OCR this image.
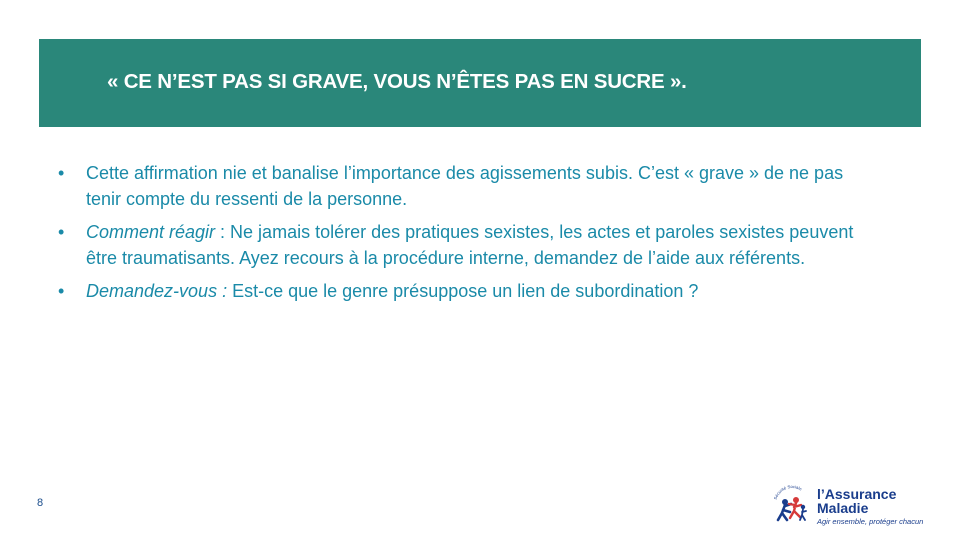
« CE N’EST PAS SI GRAVE, VOUS N’ÊTES PAS EN SUCRE ».
• Cette affirmation nie et banalise l’importance des agissements subis. C’est « grave » de ne pas tenir compte du ressenti de la personne.
• Comment réagir : Ne jamais tolérer des pratiques sexistes, les actes et paroles sexistes peuvent être traumatisants. Ayez recours à la procédure interne, demandez de l’aide aux référents.
• Demandez-vous : Est-ce que le genre présuppose un lien de subordination ?
8	Sécurité Sociale l’Assurance
Maladie
Agir ensemble, protéger chacun
